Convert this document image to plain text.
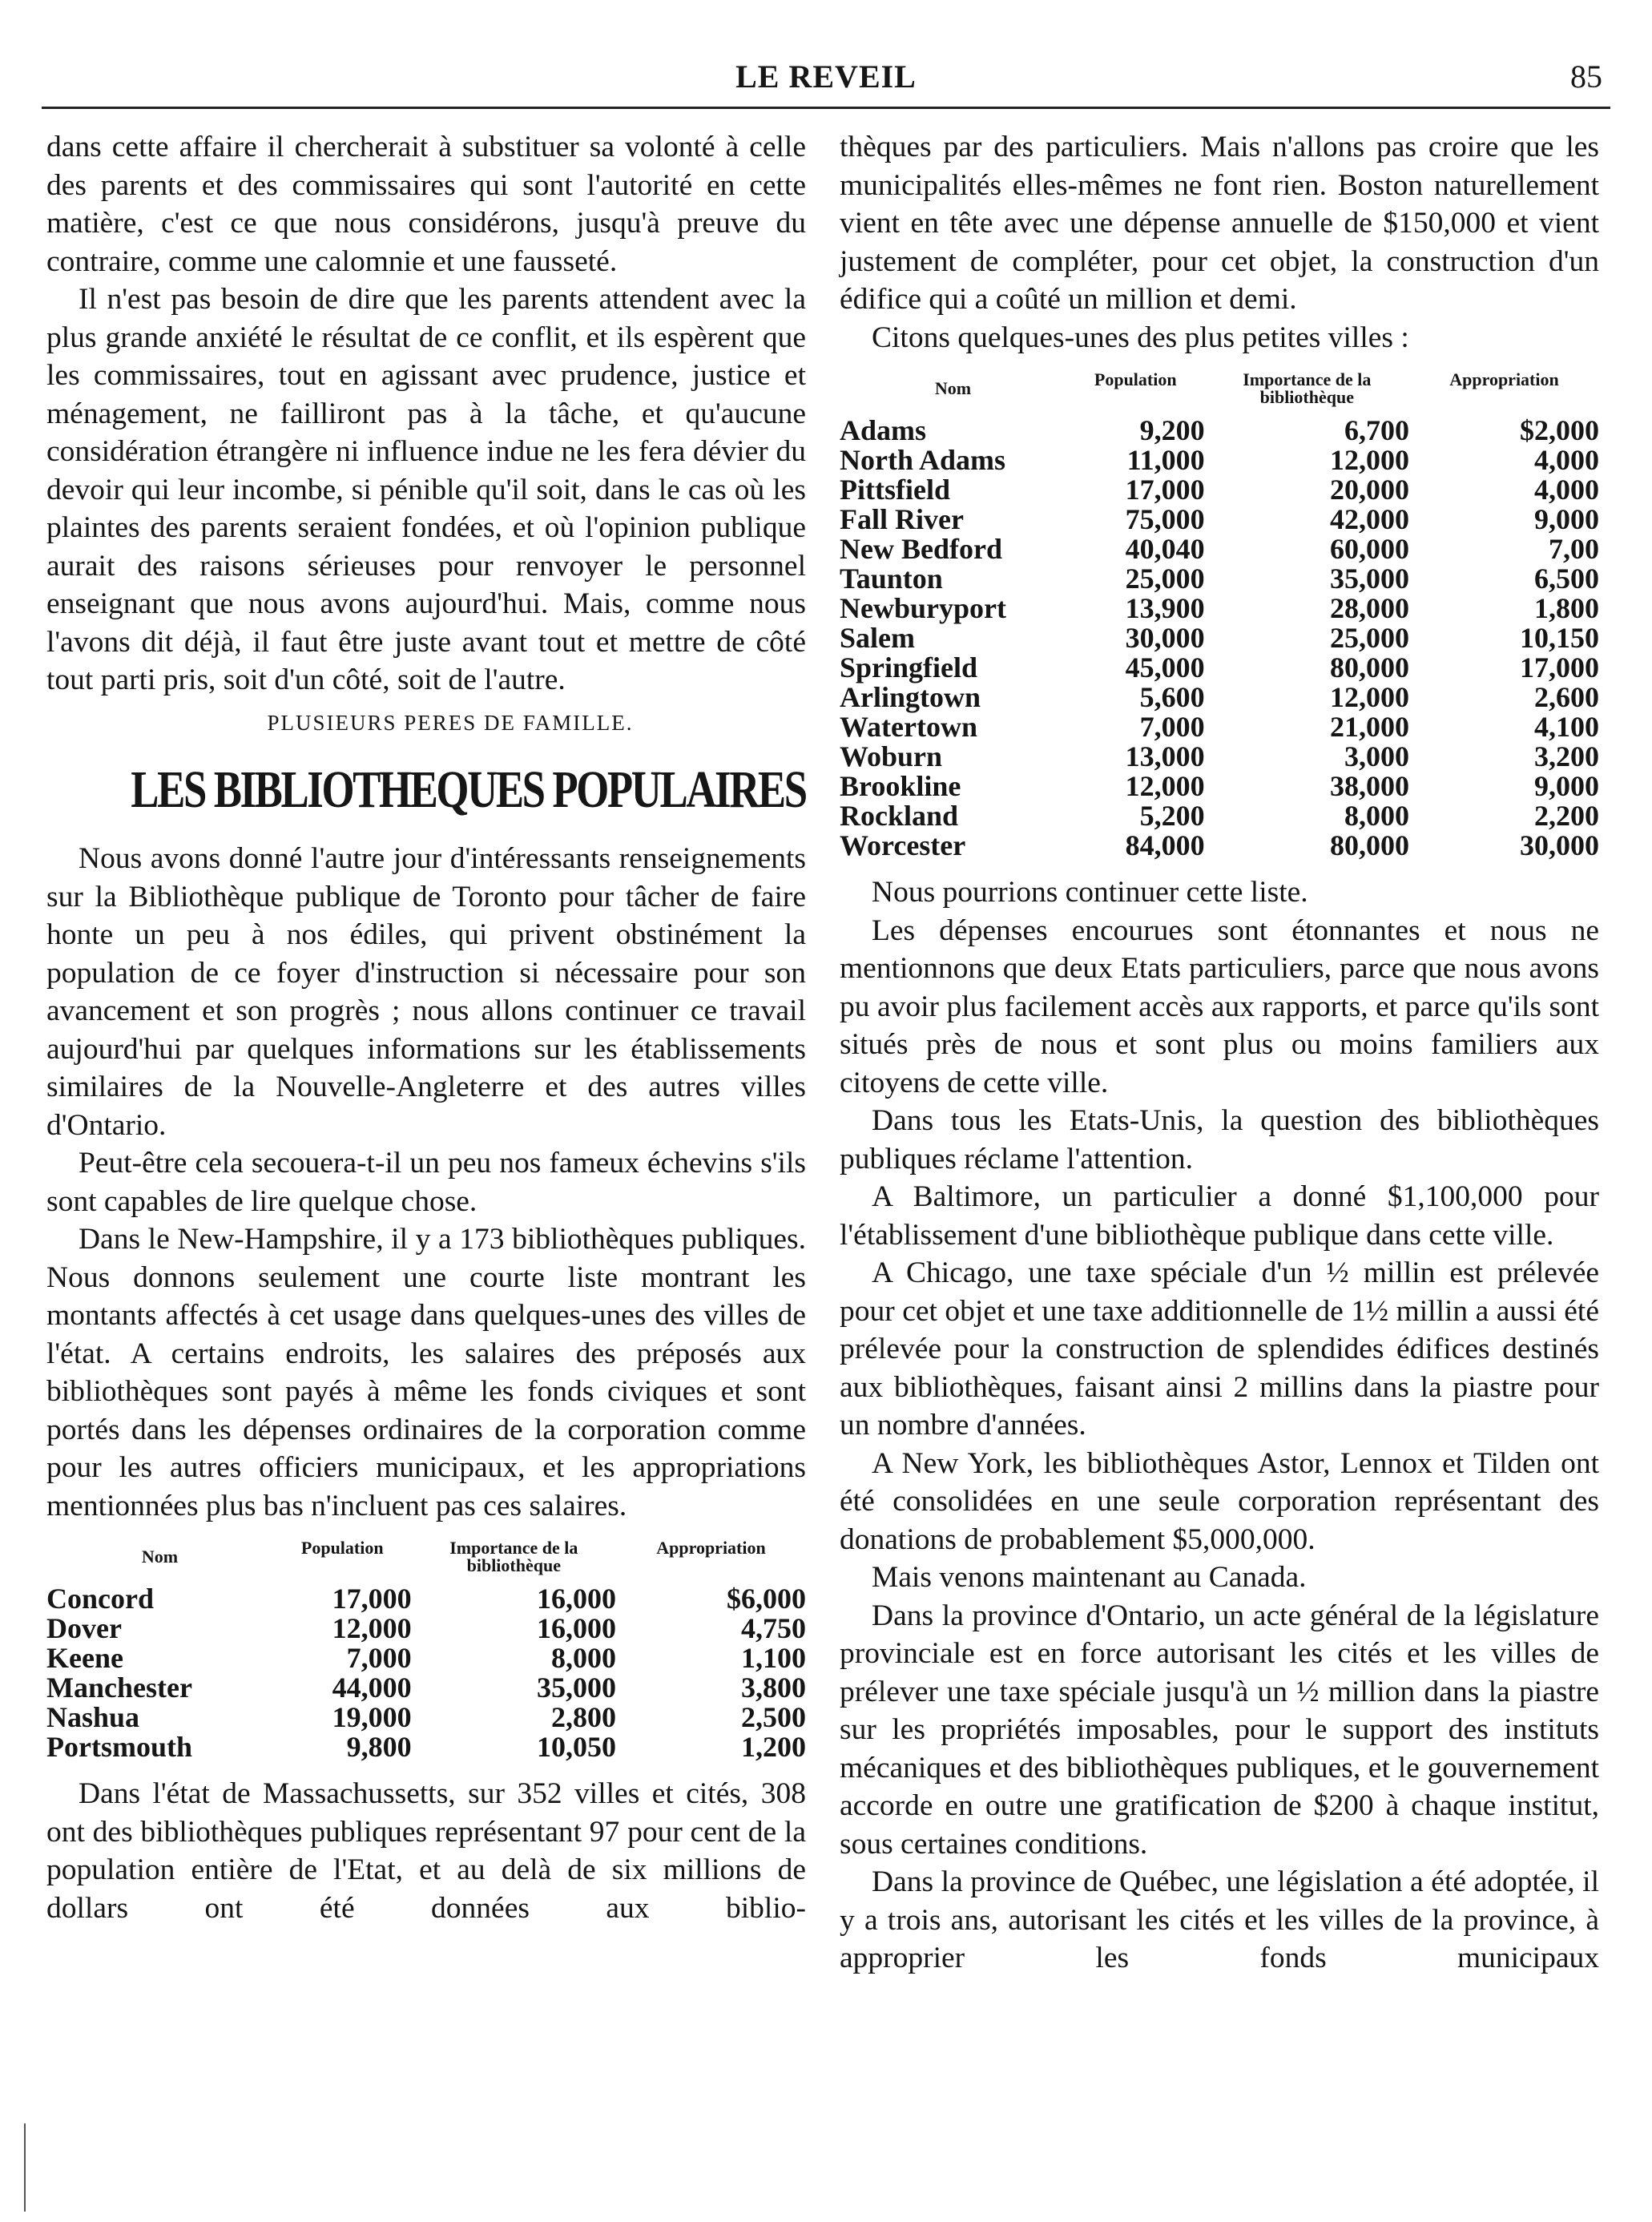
LE REVEIL	85

dans cette affaire il chercherait à substituer sa volonté à celle des parents et des commissaires qui sont l'autorité en cette matière, c'est ce que nous considérons, jusqu'à preuve du contraire, comme une calomnie et une fausseté.

Il n'est pas besoin de dire que les parents attendent avec la plus grande anxiété le résultat de ce conflit, et ils espèrent que les commissaires, tout en agissant avec prudence, justice et ménagement, ne failliront pas à la tâche, et qu'aucune considération étrangère ni influence indue ne les fera dévier du devoir qui leur incombe, si pénible qu'il soit, dans le cas où les plaintes des parents seraient fondées, et où l'opinion publique aurait des raisons sérieuses pour renvoyer le personnel enseignant que nous avons aujourd'hui. Mais, comme nous l'avons dit déjà, il faut être juste avant tout et mettre de côté tout parti pris, soit d'un côté, soit de l'autre.

PLUSIEURS PERES DE FAMILLE.
LES BIBLIOTHEQUES POPULAIRES

Nous avons donné l'autre jour d'intéressants renseignements sur la Bibliothèque publique de Toronto pour tâcher de faire honte un peu à nos édiles, qui privent obstinément la population de ce foyer d'instruction si nécessaire pour son avancement et son progrès ; nous allons continuer ce travail aujourd'hui par quelques informations sur les établissements similaires de la Nouvelle-Angleterre et des autres villes d'Ontario.

Peut-être cela secouera-t-il un peu nos fameux échevins s'ils sont capables de lire quelque chose.

Dans le New-Hampshire, il y a 173 bibliothèques publiques. Nous donnons seulement une courte liste montrant les montants affectés à cet usage dans quelques-unes des villes de l'état. A certains endroits, les salaires des préposés aux bibliothèques sont payés à même les fonds civiques et sont portés dans les dépenses ordinaires de la corporation comme pour les autres officiers municipaux, et les appropriations mentionnées plus bas n'incluent pas ces salaires.

Nom	Population	Importance de la bibliothèque	Appropriation
Concord	17,000	16,000	$6,000
Dover	12,000	16,000	4,750
Keene	7,000	8,000	1,100
Manchester	44,000	35,000	3,800
Nashua	19,000	2,800	2,500
Portsmouth	9,800	10,050	1,200

Dans l'état de Massachussetts, sur 352 villes et cités, 308 ont des bibliothèques publiques représentant 97 pour cent de la population entière de l'Etat, et au delà de six millions de dollars ont été données aux biblio-

thèques par des particuliers. Mais n'allons pas croire que les municipalités elles-mêmes ne font rien. Boston naturellement vient en tête avec une dépense annuelle de $150,000 et vient justement de compléter, pour cet objet, la construction d'un édifice qui a coûté un million et demi.

Citons quelques-unes des plus petites villes :

Nom	Population	Importance de la bibliothèque	Appropriation
Adams	9,200	6,700	$2,000
North Adams	11,000	12,000	4,000
Pittsfield	17,000	20,000	4,000
Fall River	75,000	42,000	9,000
New Bedford	40,040	60,000	7,00
Taunton	25,000	35,000	6,500
Newburyport	13,900	28,000	1,800
Salem	30,000	25,000	10,150
Springfield	45,000	80,000	17,000
Arlingtown	5,600	12,000	2,600
Watertown	7,000	21,000	4,100
Woburn	13,000	3,000	3,200
Brookline	12,000	38,000	9,000
Rockland	5,200	8,000	2,200
Worcester	84,000	80,000	30,000

Nous pourrions continuer cette liste.

Les dépenses encourues sont étonnantes et nous ne mentionnons que deux Etats particuliers, parce que nous avons pu avoir plus facilement accès aux rapports, et parce qu'ils sont situés près de nous et sont plus ou moins familiers aux citoyens de cette ville.

Dans tous les Etats-Unis, la question des bibliothèques publiques réclame l'attention.

A Baltimore, un particulier a donné $1,100,000 pour l'établissement d'une bibliothèque publique dans cette ville.

A Chicago, une taxe spéciale d'un ½ millin est prélevée pour cet objet et une taxe additionnelle de 1½ millin a aussi été prélevée pour la construction de splendides édifices destinés aux bibliothèques, faisant ainsi 2 millins dans la piastre pour un nombre d'années.

A New York, les bibliothèques Astor, Lennox et Tilden ont été consolidées en une seule corporation représentant des donations de probablement $5,000,000.

Mais venons maintenant au Canada.

Dans la province d'Ontario, un acte général de la législature provinciale est en force autorisant les cités et les villes de prélever une taxe spéciale jusqu'à un ½ million dans la piastre sur les propriétés imposables, pour le support des instituts mécaniques et des bibliothèques publiques, et le gouvernement accorde en outre une gratification de $200 à chaque institut, sous certaines conditions.

Dans la province de Québec, une législation a été adoptée, il y a trois ans, autorisant les cités et les villes de la province, à approprier les fonds municipaux
